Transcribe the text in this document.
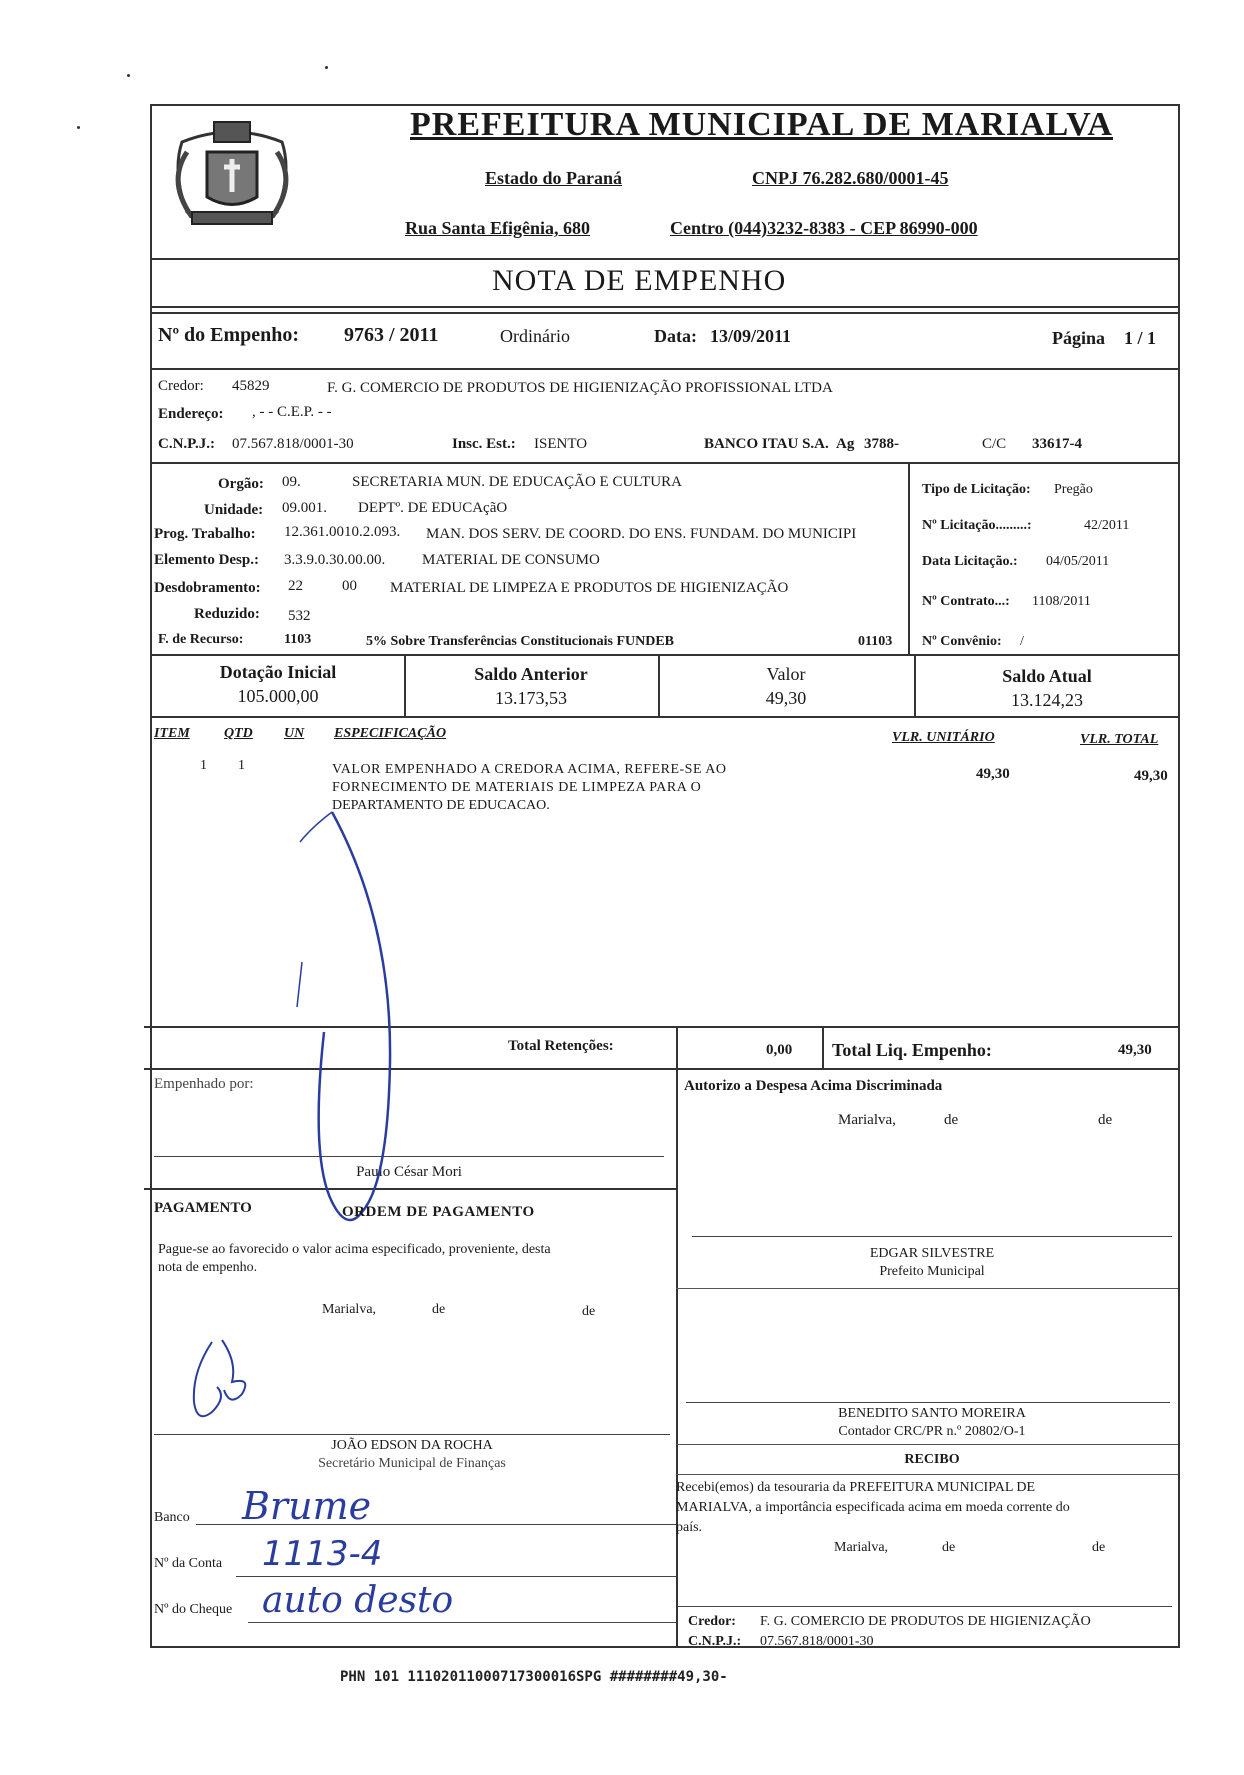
PREFEITURA MUNICIPAL DE MARIALVA
Estado do Paraná	CNPJ 76.282.680/0001-45
Rua Santa Efigênia, 680	Centro (044)3232-8383 - CEP 86990-000
NOTA DE EMPENHO
Nº do Empenho: 9763 / 2011	Ordinário	Data: 13/09/2011	Página 1 / 1
Credor: 45829	F. G. COMERCIO DE PRODUTOS DE HIGIENIZAÇÃO PROFISSIONAL LTDA
Endereço: , - - C.E.P. - -
C.N.P.J.: 07.567.818/0001-30	Insc. Est.: ISENTO	BANCO ITAU S.A. Ag 3788-	C/C 33617-4
Orgão: 09.	SECRETARIA MUN. DE EDUCAÇÃO E CULTURA
Unidade: 09.001. DEPTº. DE EDUCAçãO
Prog. Trabalho: 12.361.0010.2.093. MAN. DOS SERV. DE COORD. DO ENS. FUNDAM. DO MUNICIPI
Elemento Desp.: 3.3.9.0.30.00.00. MATERIAL DE CONSUMO
Desdobramento: 22	00 MATERIAL DE LIMPEZA E PRODUTOS DE HIGIENIZAÇÃO
Reduzido: 532
F. de Recurso:	1103	5% Sobre Transferências Constitucionais FUNDEB	01103
Tipo de Licitação: Pregão
Nº Licitação.........:	42/2011
Data Licitação.: 04/05/2011
Nº Contrato...: 1108/2011
Nº Convênio: /
Dotação Inicial
105.000,00
Saldo Anterior
13.173,53
Valor
49,30
Saldo Atual
13.124,23
ITEM QTD UN ESPECIFICAÇÃO	VLR. UNITÁRIO	VLR. TOTAL
1 1	VALOR EMPENHADO A CREDORA ACIMA, REFERE-SE AO
FORNECIMENTO DE MATERIAIS DE LIMPEZA PARA O
DEPARTAMENTO DE EDUCACAO.
49,30	49,30
Total Retenções:	0,00 Total Liq. Empenho:	49,30
Empenhado por:
Paulo César Mori
PAGAMENTO	ORDEM DE PAGAMENTO
Pague-se ao favorecido o valor acima especificado, proveniente, desta
nota de empenho.
Marialva,	de	de
JOÃO EDSON DA ROCHA
Secretário Municipal de Finanças
Banco Brume
Nº da Conta 1113-4
Nº do Cheque auto desto
Autorizo a Despesa Acima Discriminada
Marialva,	de	de
EDGAR SILVESTRE
Prefeito Municipal
BENEDITO SANTO MOREIRA
Contador CRC/PR n.º 20802/O-1
RECIBO
Recebi(emos) da tesouraria da PREFEITURA MUNICIPAL DE
MARIALVA, a importância especificada acima em moeda corrente do
país.
Marialva,	de	de
Credor: F. G. COMERCIO DE PRODUTOS DE HIGIENIZAÇÃO
C.N.P.J.: 07.567.818/0001-30
PHN 101 11102011000717300016SPG ########49,30-
